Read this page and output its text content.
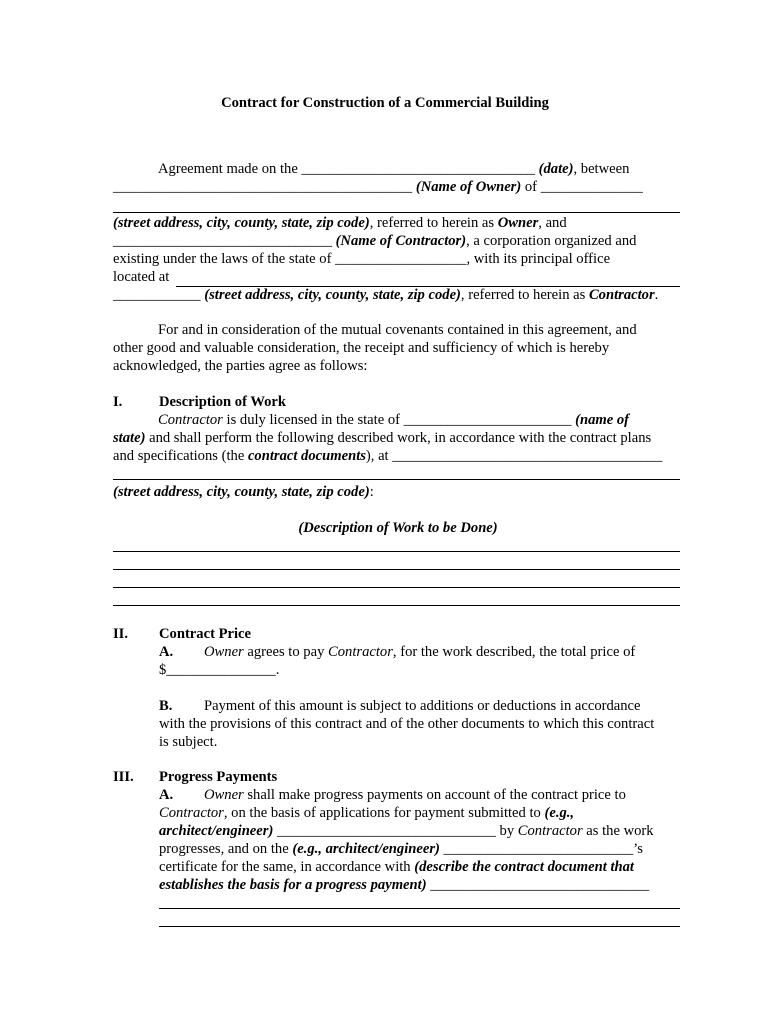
Contract for Construction of a Commercial Building
Agreement made on the ________________________________ (date), between
_________________________________________ (Name of Owner) of ______________
(street address, city, county, state, zip code), referred to herein as Owner, and
______________________________ (Name of Contractor), a corporation organized and
existing under the laws of the state of __________________, with its principal office
located at
____________ (street address, city, county, state, zip code), referred to herein as Contractor.
For and in consideration of the mutual covenants contained in this agreement, and
other good and valuable consideration, the receipt and sufficiency of which is hereby
acknowledged, the parties agree as follows:
I.	Description of Work
Contractor is duly licensed in the state of _______________________ (name of
state) and shall perform the following described work, in accordance with the contract plans
and specifications (the contract documents), at _____________________________________
(street address, city, county, state, zip code):
(Description of Work to be Done)
II. Contract Price
A. Owner agrees to pay Contractor, for the work described, the total price of
$_______________.
B. Payment of this amount is subject to additions or deductions in accordance
with the provisions of this contract and of the other documents to which this contract
is subject.
III. Progress Payments
A. Owner shall make progress payments on account of the contract price to
Contractor, on the basis of applications for payment submitted to (e.g.,
architect/engineer) ______________________________ by Contractor as the work
progresses, and on the (e.g., architect/engineer) __________________________’s
certificate for the same, in accordance with (describe the contract document that
establishes the basis for a progress payment) ______________________________
